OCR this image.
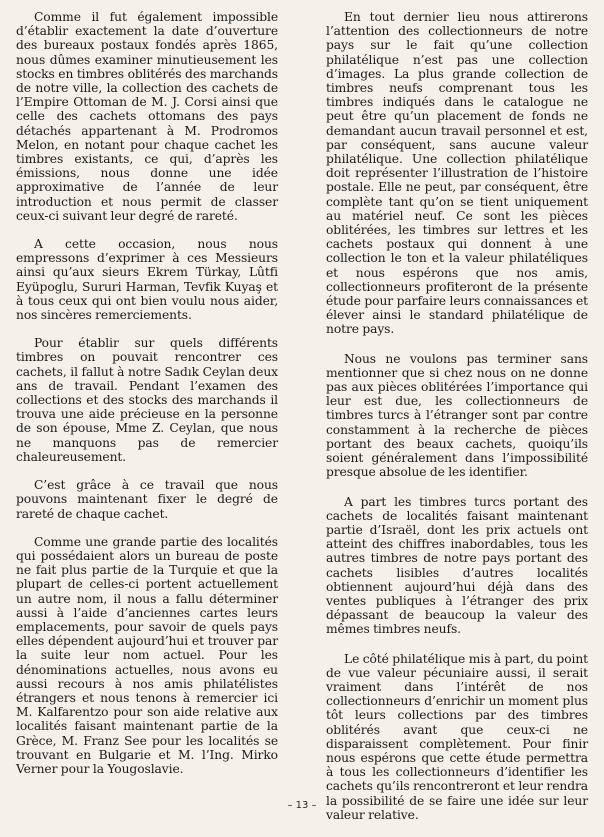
Comme il fut également impossible d’établir exactement la date d’ouverture des bureaux postaux fondés après 1865, nous dûmes examiner minutieusement les stocks en timbres oblitérés des marchands de notre ville, la collection des cachets de l’Empire Ottoman de M. J. Corsi ainsi que celle des cachets ottomans des pays détachés appartenant à M. Prodromos Melon, en notant pour chaque cachet les timbres existants, ce qui, d’après les émissions, nous donne une idée approximative de l’année de leur introduction et nous permit de classer ceux-ci suivant leur degré de rareté.

A cette occasion, nous nous empressons d’exprimer à ces Messieurs ainsi qu’aux sieurs Ekrem Türkay, Lûtfi Eyüpoglu, Sururi Harman, Tevfik Kuyaş et à tous ceux qui ont bien voulu nous aider, nos sincères remerciements.

Pour établir sur quels différents timbres on pouvait rencontrer ces cachets, il fallut à notre Sadık Ceylan deux ans de travail. Pendant l’examen des collections et des stocks des marchands il trouva une aide précieuse en la personne de son épouse, Mme Z. Ceylan, que nous ne manquons pas de remercier chaleureusement.

C’est grâce à ce travail que nous pouvons maintenant fixer le degré de rareté de chaque cachet.

Comme une grande partie des localités qui possédaient alors un bureau de poste ne fait plus partie de la Turquie et que la plupart de celles-ci portent actuellement un autre nom, il nous a fallu déterminer aussi à l’aide d’anciennes cartes leurs emplacements, pour savoir de quels pays elles dépendent aujourd’hui et trouver par la suite leur nom actuel. Pour les dénominations actuelles, nous avons eu aussi recours à nos amis philatélistes étrangers et nous tenons à remercier ici M. Kalfarentzo pour son aide relative aux localités faisant maintenant partie de la Grèce, M. Franz See pour les localités se trouvant en Bulgarie et M. l’Ing. Mirko Verner pour la Yougoslavie.

En tout dernier lieu nous attirerons l’attention des collectionneurs de notre pays sur le fait qu’une collection philatélique n’est pas une collection d’images. La plus grande collection de timbres neufs comprenant tous les timbres indiqués dans le catalogue ne peut être qu’un placement de fonds ne demandant aucun travail personnel et est, par conséquent, sans aucune valeur philatélique. Une collection philatélique doit représenter l’illustration de l’histoire postale. Elle ne peut, par conséquent, être complète tant qu’on se tient uniquement au matériel neuf. Ce sont les pièces oblitérées, les timbres sur lettres et les cachets postaux qui donnent à une collection le ton et la valeur philatéliques et nous espérons que nos amis, collectionneurs profiteront de la présente étude pour parfaire leurs connaissances et élever ainsi le standard philatélique de notre pays.

Nous ne voulons pas terminer sans mentionner que si chez nous on ne donne pas aux pièces oblitérées l’importance qui leur est due, les collectionneurs de timbres turcs à l’étranger sont par contre constamment à la recherche de pièces portant des beaux cachets, quoiqu’ils soient généralement dans l’impossibilité presque absolue de les identifier.

A part les timbres turcs portant des cachets de localités faisant maintenant partie d’Israël, dont les prix actuels ont atteint des chiffres inabordables, tous les autres timbres de notre pays portant des cachets lisibles d’autres localités obtiennent aujourd’hui déjà dans des ventes publiques à l’étranger des prix dépassant de beaucoup la valeur des mêmes timbres neufs.

Le côté philatélique mis à part, du point de vue valeur pécuniaire aussi, il serait vraiment dans l’intérêt de nos collectionneurs d’enrichir un moment plus tôt leurs collections par des timbres oblitérés avant que ceux-ci ne disparaissent complètement. Pour finir nous espérons que cette étude permettra à tous les collectionneurs d’identifier les cachets qu’ils rencontreront et leur rendra la possibilité de se faire une idée sur leur valeur relative.

– 13 –
